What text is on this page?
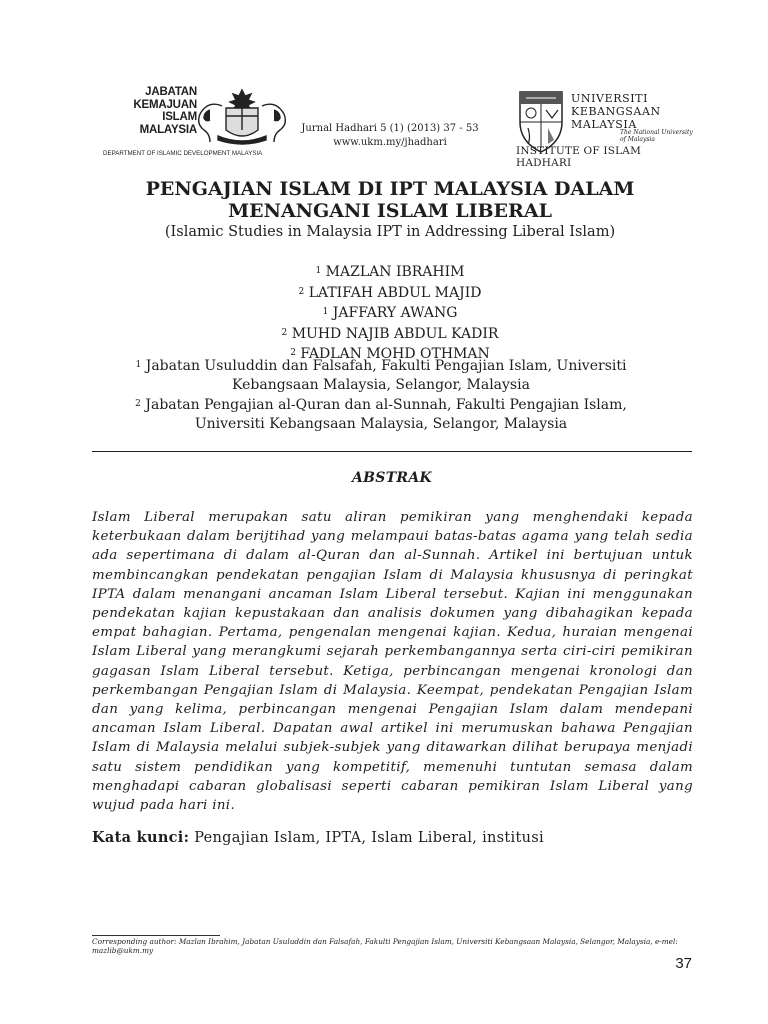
JABATAN
KEMAJUAN
ISLAM
MALAYSIA
DEPARTMENT OF ISLAMIC DEVELOPMENT MALAYSIA
Jurnal Hadhari 5 (1) (2013) 37 - 53
www.ukm.my/jhadhari
UNIVERSITI
KEBANGSAAN
MALAYSIA
The National University of Malaysia
INSTITUTE OF ISLAM HADHARI
PENGAJIAN ISLAM DI IPT MALAYSIA DALAM
MENANGANI ISLAM LIBERAL
(Islamic Studies in Malaysia IPT in Addressing Liberal Islam)
$^1$ MAZLAN IBRAHIM
$^2$ LATIFAH ABDUL MAJID
$^1$ JAFFARY AWANG
$^2$ MUHD NAJIB ABDUL KADIR
$^2$ FADLAN MOHD OTHMAN
$^1$ Jabatan Usuluddin dan Falsafah, Fakulti Pengajian Islam, Universiti
Kebangsaan Malaysia, Selangor, Malaysia
$^2$ Jabatan Pengajian al-Quran dan al-Sunnah, Fakulti Pengajian Islam,
Universiti Kebangsaan Malaysia, Selangor, Malaysia
ABSTRAK
Islam Liberal merupakan satu aliran pemikiran yang menghendaki kepada keterbukaan dalam berijtihad yang melampaui batas-batas agama yang telah sedia ada sepertimana di dalam al-Quran dan al-Sunnah. Artikel ini bertujuan untuk membincangkan pendekatan pengajian Islam di Malaysia khususnya di peringkat IPTA dalam menangani ancaman Islam Liberal tersebut. Kajian ini menggunakan pendekatan kajian kepustakaan dan analisis dokumen yang dibahagikan kepada empat bahagian. Pertama, pengenalan mengenai kajian. Kedua, huraian mengenai Islam Liberal yang merangkumi sejarah perkembangannya serta ciri-ciri pemikiran gagasan Islam Liberal tersebut. Ketiga, perbincangan mengenai kronologi dan perkembangan Pengajian Islam di Malaysia. Keempat, pendekatan Pengajian Islam dan yang kelima, perbincangan mengenai Pengajian Islam dalam mendepani ancaman Islam Liberal. Dapatan awal artikel ini merumuskan bahawa Pengajian Islam di Malaysia melalui subjek-subjek yang ditawarkan dilihat berupaya menjadi satu sistem pendidikan yang kompetitif, memenuhi tuntutan semasa dalam menghadapi cabaran globalisasi seperti cabaran pemikiran Islam Liberal yang wujud pada hari ini.
Kata kunci: Pengajian Islam, IPTA, Islam Liberal, institusi
Corresponding author: Mazlan Ibrahim, Jabatan Usuluddin dan Falsafah, Fakulti Pengajian Islam, Universiti Kebangsaan Malaysia, Selangor, Malaysia, e-mel: mazlib@ukm.my
37
